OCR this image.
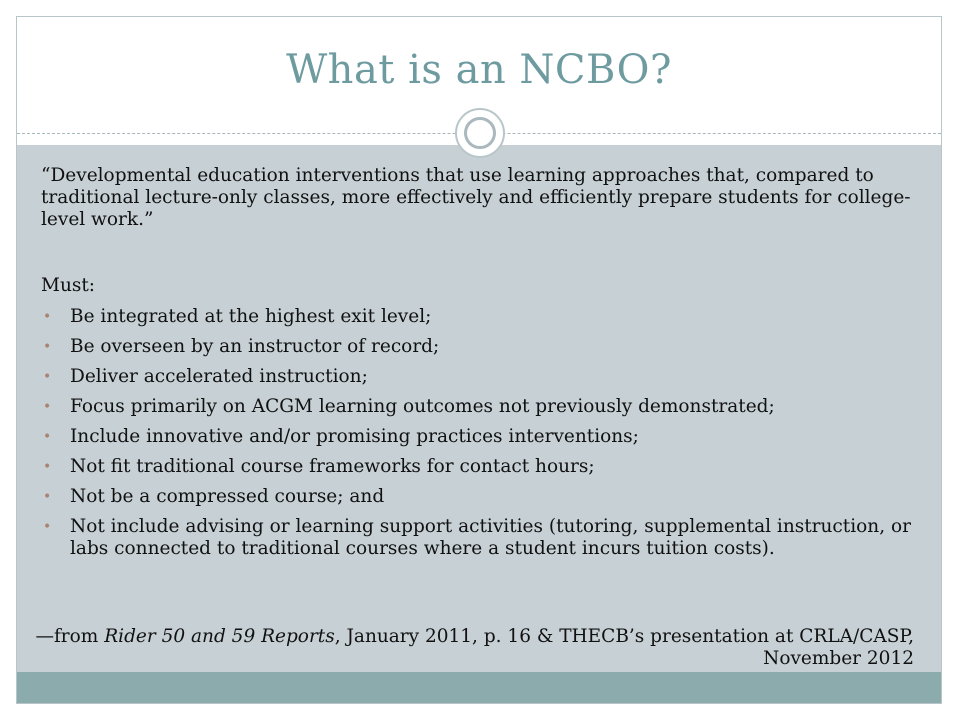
What is an NCBO?
“Developmental education interventions that use learning approaches that, compared to traditional lecture-only classes, more effectively and efficiently prepare students for college-level work.”
Must:
• Be integrated at the highest exit level;
• Be overseen by an instructor of record;
• Deliver accelerated instruction;
• Focus primarily on ACGM learning outcomes not previously demonstrated;
• Include innovative and/or promising practices interventions;
• Not fit traditional course frameworks for contact hours;
• Not be a compressed course; and
• Not include advising or learning support activities (tutoring, supplemental instruction, or labs connected to traditional courses where a student incurs tuition costs).
—from Rider 50 and 59 Reports, January 2011, p. 16 & THECB’s presentation at CRLA/CASP, November 2012
